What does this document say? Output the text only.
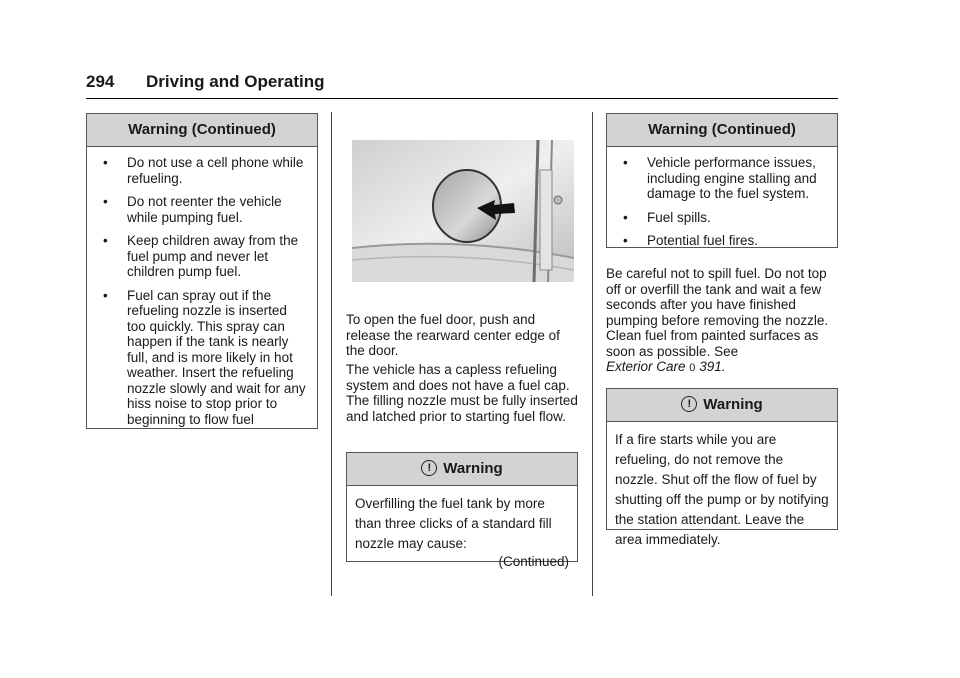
294 Driving and Operating
Warning (Continued)
• Do not use a cell phone while refueling.
• Do not reenter the vehicle while pumping fuel.
• Keep children away from the fuel pump and never let children pump fuel.
• Fuel can spray out if the refueling nozzle is inserted too quickly. This spray can happen if the tank is nearly full, and is more likely in hot weather. Insert the refueling nozzle slowly and wait for any hiss noise to stop prior to beginning to flow fuel

To open the fuel door, push and release the rearward center edge of the door.

The vehicle has a capless refueling system and does not have a fuel cap. The filling nozzle must be fully inserted and latched prior to starting fuel flow.

! Warning
Overfilling the fuel tank by more than three clicks of a standard fill nozzle may cause:
(Continued)
Warning (Continued)
• Vehicle performance issues, including engine stalling and damage to the fuel system.
• Fuel spills.
• Potential fuel fires.

Be careful not to spill fuel. Do not top off or overfill the tank and wait a few seconds after you have finished pumping before removing the nozzle. Clean fuel from painted surfaces as soon as possible. See
Exterior Care 0 391.

! Warning
If a fire starts while you are refueling, do not remove the nozzle. Shut off the flow of fuel by shutting off the pump or by notifying the station attendant. Leave the area immediately.
